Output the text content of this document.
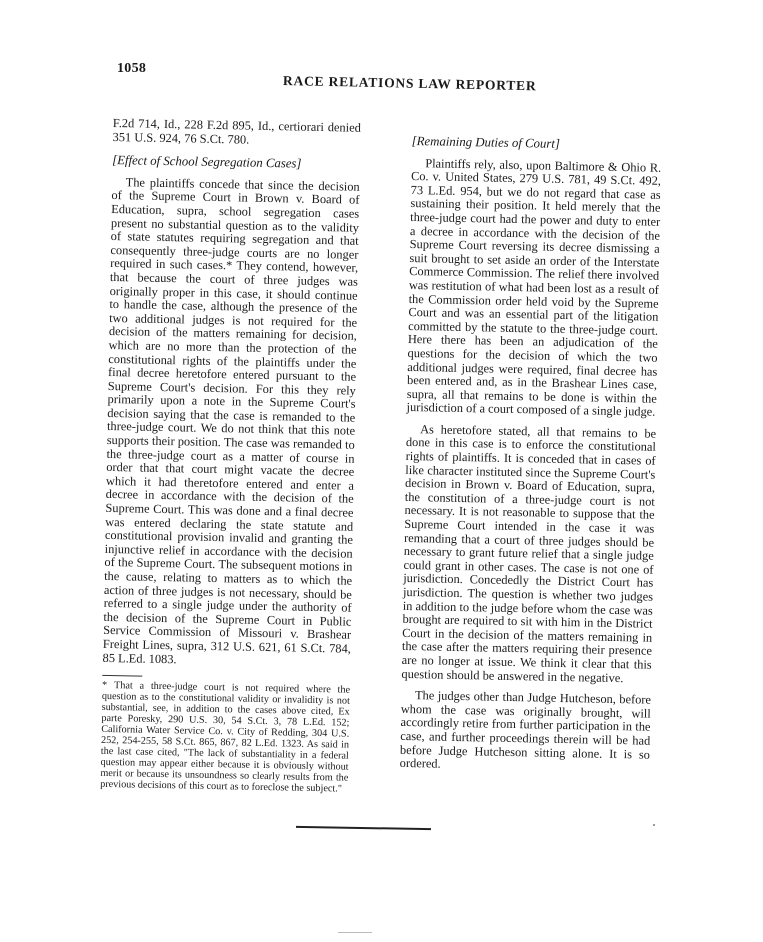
1058
RACE RELATIONS LAW REPORTER

F.2d 714, Id., 228 F.2d 895, Id., certiorari denied 351 U.S. 924, 76 S.Ct. 780.

[Effect of School Segregation Cases]

The plaintiffs concede that since the decision of the Supreme Court in Brown v. Board of Education, supra, school segregation cases present no substantial question as to the validity of state statutes requiring segregation and that consequently three-judge courts are no longer required in such cases.* They contend, however, that because the court of three judges was originally proper in this case, it should continue to handle the case, although the presence of the two additional judges is not required for the decision of the matters remaining for decision, which are no more than the protection of the constitutional rights of the plaintiffs under the final decree heretofore entered pursuant to the Supreme Court's decision. For this they rely primarily upon a note in the Supreme Court's decision saying that the case is remanded to the three-judge court. We do not think that this note supports their position. The case was remanded to the three-judge court as a matter of course in order that that court might vacate the decree which it had theretofore entered and enter a decree in accordance with the decision of the Supreme Court. This was done and a final decree was entered declaring the state statute and constitutional provision invalid and granting the injunctive relief in accordance with the decision of the Supreme Court. The subsequent motions in the cause, relating to matters as to which the action of three judges is not necessary, should be referred to a single judge under the authority of the decision of the Supreme Court in Public Service Commission of Missouri v. Brashear Freight Lines, supra, 312 U.S. 621, 61 S.Ct. 784, 85 L.Ed. 1083.

* That a three-judge court is not required where the question as to the constitutional validity or invalidity is not substantial, see, in addition to the cases above cited, Ex parte Poresky, 290 U.S. 30, 54 S.Ct. 3, 78 L.Ed. 152; California Water Service Co. v. City of Redding, 304 U.S. 252, 254-255, 58 S.Ct. 865, 867, 82 L.Ed. 1323. As said in the last case cited, "The lack of substantiality in a federal question may appear either because it is obviously without merit or because its unsoundness so clearly results from the previous decisions of this court as to foreclose the subject."

[Remaining Duties of Court]

Plaintiffs rely, also, upon Baltimore & Ohio R. Co. v. United States, 279 U.S. 781, 49 S.Ct. 492, 73 L.Ed. 954, but we do not regard that case as sustaining their position. It held merely that the three-judge court had the power and duty to enter a decree in accordance with the decision of the Supreme Court reversing its decree dismissing a suit brought to set aside an order of the Interstate Commerce Commission. The relief there involved was restitution of what had been lost as a result of the Commission order held void by the Supreme Court and was an essential part of the litigation committed by the statute to the three-judge court. Here there has been an adjudication of the questions for the decision of which the two additional judges were required, final decree has been entered and, as in the Brashear Lines case, supra, all that remains to be done is within the jurisdiction of a court composed of a single judge.

As heretofore stated, all that remains to be done in this case is to enforce the constitutional rights of plaintiffs. It is conceded that in cases of like character instituted since the Supreme Court's decision in Brown v. Board of Education, supra, the constitution of a three-judge court is not necessary. It is not reasonable to suppose that the Supreme Court intended in the case it was remanding that a court of three judges should be necessary to grant future relief that a single judge could grant in other cases. The case is not one of jurisdiction. Concededly the District Court has jurisdiction. The question is whether two judges in addition to the judge before whom the case was brought are required to sit with him in the District Court in the decision of the matters remaining in the case after the matters requiring their presence are no longer at issue. We think it clear that this question should be answered in the negative.

The judges other than Judge Hutcheson, before whom the case was originally brought, will accordingly retire from further participation in the case, and further proceedings therein will be had before Judge Hutcheson sitting alone. It is so ordered.
